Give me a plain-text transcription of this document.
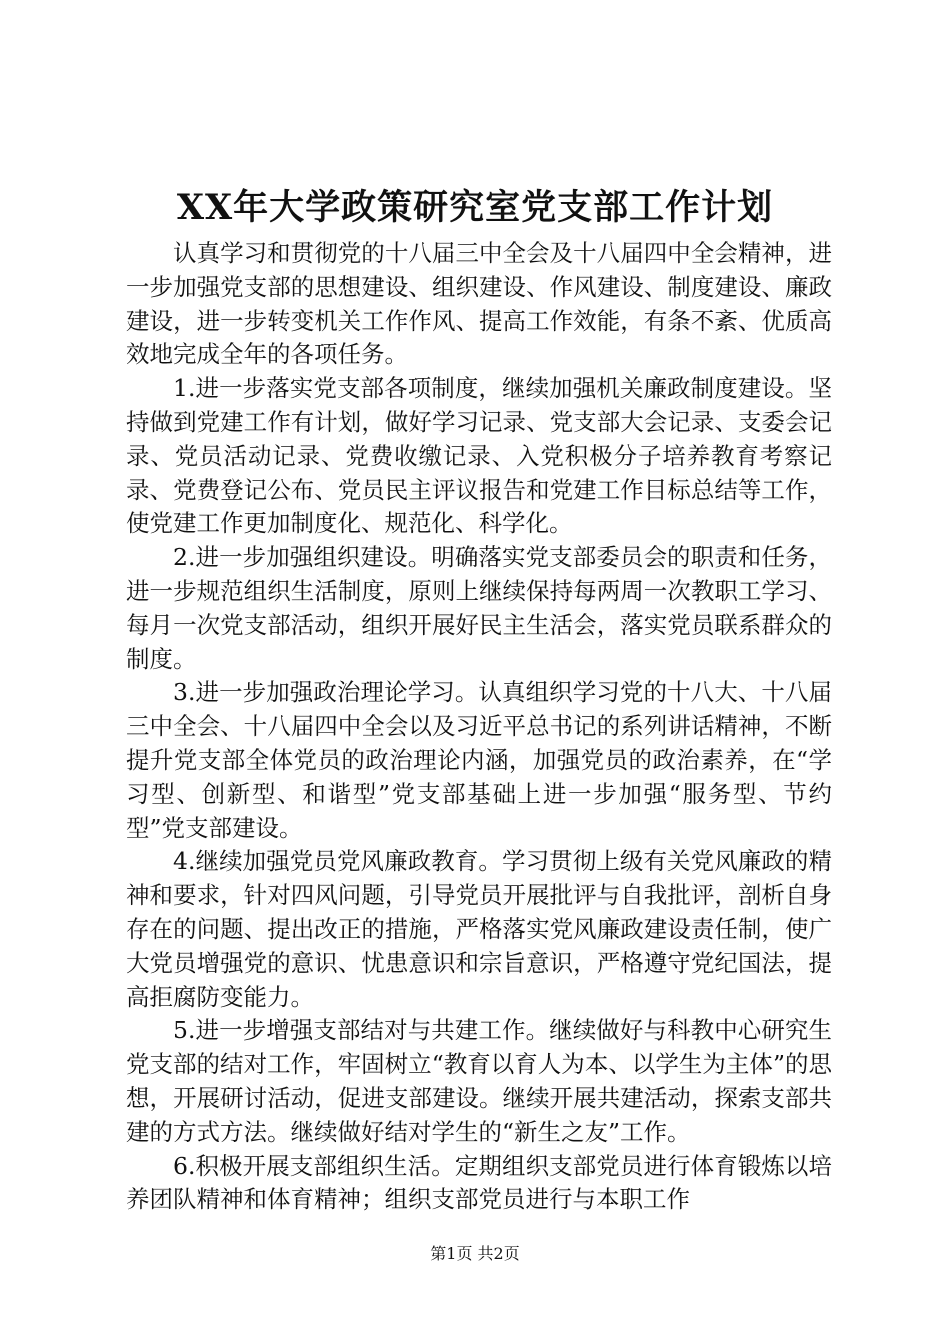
XX年大学政策研究室党支部工作计划

认真学习和贯彻党的十八届三中全会及十八届四中全会精神，进一步加强党支部的思想建设、组织建设、作风建设、制度建设、廉政建设，进一步转变机关工作作风、提高工作效能，有条不紊、优质高效地完成全年的各项任务。

1.进一步落实党支部各项制度，继续加强机关廉政制度建设。坚持做到党建工作有计划，做好学习记录、党支部大会记录、支委会记录、党员活动记录、党费收缴记录、入党积极分子培养教育考察记录、党费登记公布、党员民主评议报告和党建工作目标总结等工作，使党建工作更加制度化、规范化、科学化。

2.进一步加强组织建设。明确落实党支部委员会的职责和任务，进一步规范组织生活制度，原则上继续保持每两周一次教职工学习、每月一次党支部活动，组织开展好民主生活会，落实党员联系群众的制度。

3.进一步加强政治理论学习。认真组织学习党的十八大、十八届三中全会、十八届四中全会以及习近平总书记的系列讲话精神，不断提升党支部全体党员的政治理论内涵，加强党员的政治素养，在“学习型、创新型、和谐型”党支部基础上进一步加强“服务型、节约型”党支部建设。

4.继续加强党员党风廉政教育。学习贯彻上级有关党风廉政的精神和要求，针对四风问题，引导党员开展批评与自我批评，剖析自身存在的问题、提出改正的措施，严格落实党风廉政建设责任制，使广大党员增强党的意识、忧患意识和宗旨意识，严格遵守党纪国法，提高拒腐防变能力。

5.进一步增强支部结对与共建工作。继续做好与科教中心研究生党支部的结对工作，牢固树立“教育以育人为本、以学生为主体”的思想，开展研讨活动，促进支部建设。继续开展共建活动，探索支部共建的方式方法。继续做好结对学生的“新生之友”工作。

6.积极开展支部组织生活。定期组织支部党员进行体育锻炼以培养团队精神和体育精神；组织支部党员进行与本职工作

第1页 共2页
